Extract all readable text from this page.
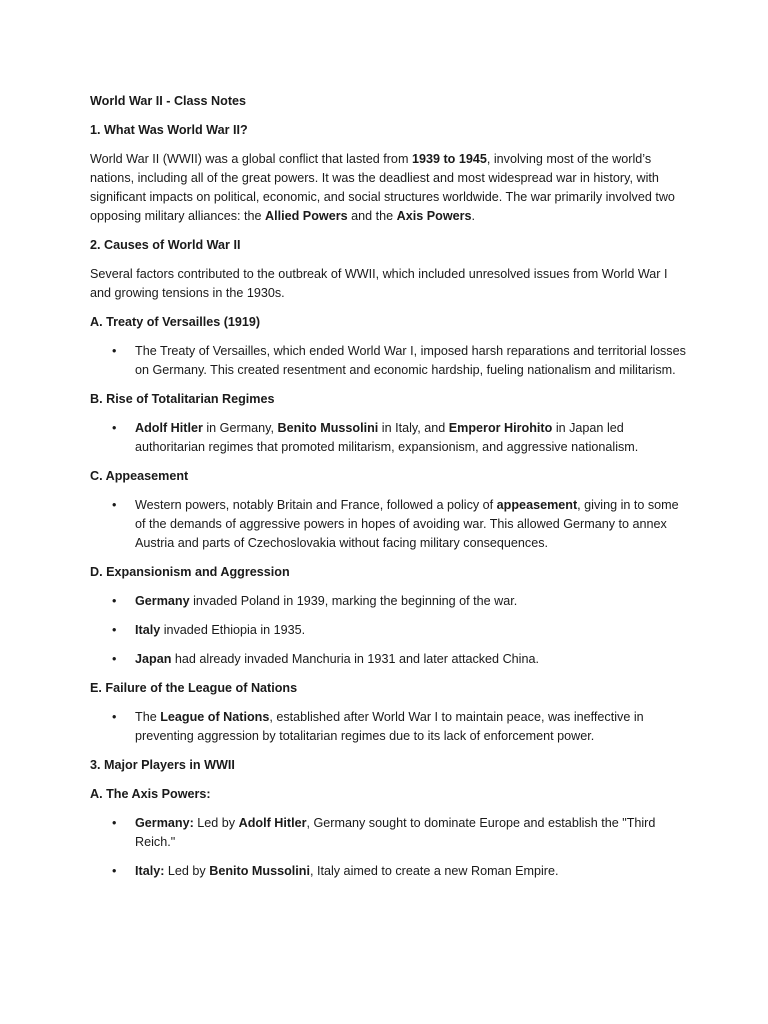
World War II - Class Notes
1. What Was World War II?

World War II (WWII) was a global conflict that lasted from 1939 to 1945, involving most of the world’s nations, including all of the great powers. It was the deadliest and most widespread war in history, with significant impacts on political, economic, and social structures worldwide. The war primarily involved two opposing military alliances: the Allied Powers and the Axis Powers.

2. Causes of World War II

Several factors contributed to the outbreak of WWII, which included unresolved issues from World War I and growing tensions in the 1930s.

A. Treaty of Versailles (1919)
• The Treaty of Versailles, which ended World War I, imposed harsh reparations and territorial losses on Germany. This created resentment and economic hardship, fueling nationalism and militarism.
B. Rise of Totalitarian Regimes
• Adolf Hitler in Germany, Benito Mussolini in Italy, and Emperor Hirohito in Japan led authoritarian regimes that promoted militarism, expansionism, and aggressive nationalism.
C. Appeasement
• Western powers, notably Britain and France, followed a policy of appeasement, giving in to some of the demands of aggressive powers in hopes of avoiding war. This allowed Germany to annex Austria and parts of Czechoslovakia without facing military consequences.
D. Expansionism and Aggression
• Germany invaded Poland in 1939, marking the beginning of the war.
• Italy invaded Ethiopia in 1935.
• Japan had already invaded Manchuria in 1931 and later attacked China.
E. Failure of the League of Nations
• The League of Nations, established after World War I to maintain peace, was ineffective in preventing aggression by totalitarian regimes due to its lack of enforcement power.
3. Major Players in WWII
A. The Axis Powers:
• Germany: Led by Adolf Hitler, Germany sought to dominate Europe and establish the "Third Reich."
• Italy: Led by Benito Mussolini, Italy aimed to create a new Roman Empire.
